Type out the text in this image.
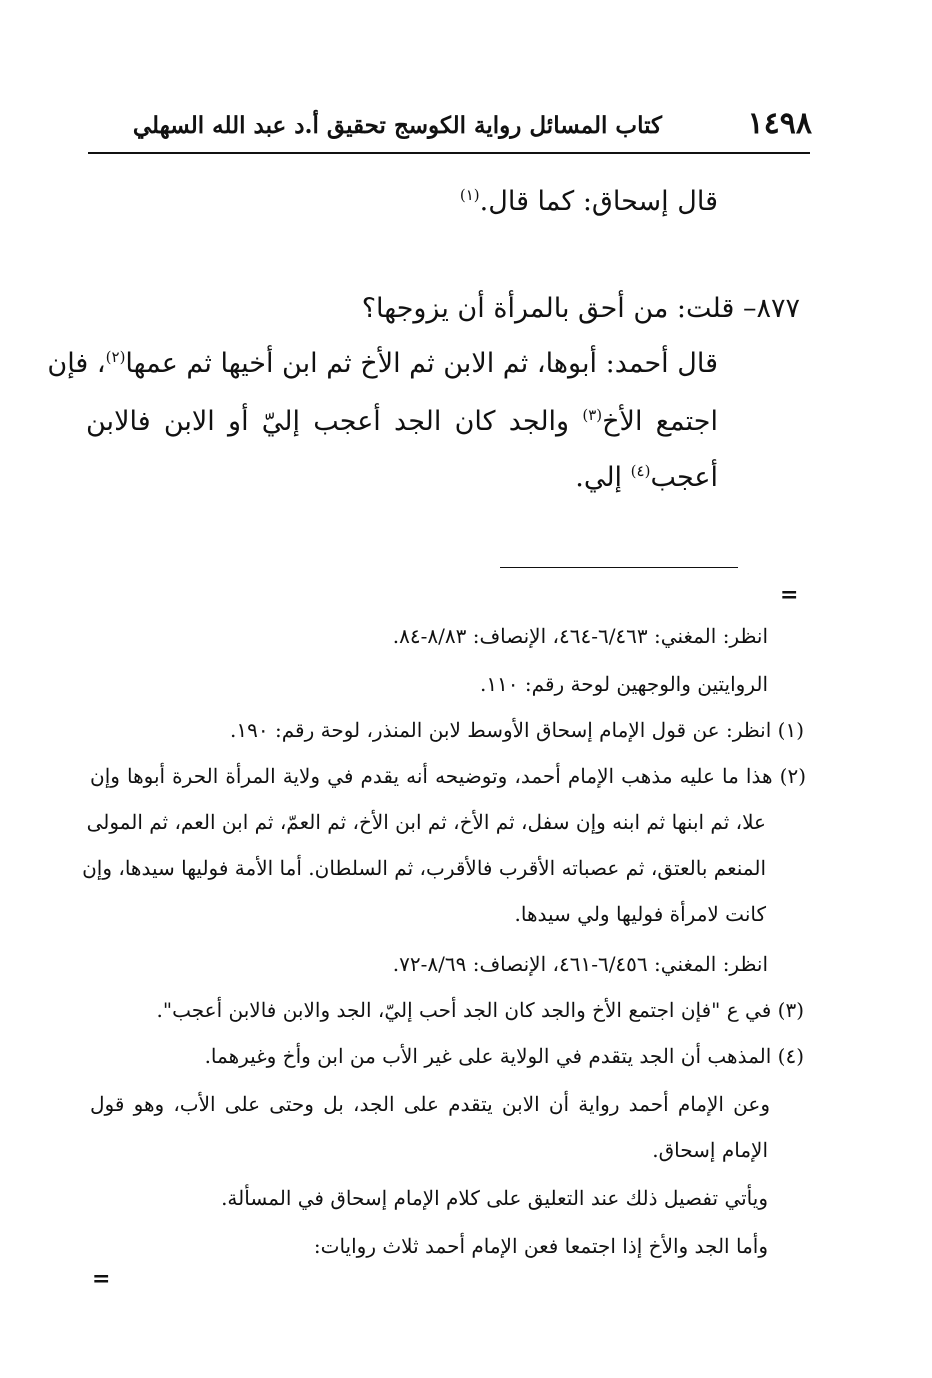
١٤٩٨
كتاب المسائل رواية الكوسج تحقيق أ.د عبد الله السهلي
قال إسحاق: كما قال.$^{(١)}$
٨٧٧– قلت: من أحق بالمرأة أن يزوجها؟
قال أحمد: أبوها، ثم الابن ثم الأخ ثم ابن أخيها ثم عمها$^{(٢)}$، فإن
اجتمع الأخ$^{(٣)}$ والجد كان الجد أعجب إليّ أو الابن فالابن
أعجب$^{(٤)}$ إلي.
=
انظر: المغني: ٦/٤٦٣-٤٦٤، الإنصاف: ٨/٨٣-٨٤.
الروايتين والوجهين لوحة رقم: ١١٠.
(١) انظر: عن قول الإمام إسحاق الأوسط لابن المنذر، لوحة رقم: ١٩٠.
(٢) هذا ما عليه مذهب الإمام أحمد، وتوضيحه أنه يقدم في ولاية المرأة الحرة أبوها وإن
علا، ثم ابنها ثم ابنه وإن سفل، ثم الأخ، ثم ابن الأخ، ثم العمّ، ثم ابن العم، ثم المولى
المنعم بالعتق، ثم عصباته الأقرب فالأقرب، ثم السلطان. أما الأمة فوليها سيدها، وإن
كانت لامرأة فوليها ولي سيدها.
انظر: المغني: ٦/٤٥٦-٤٦١، الإنصاف: ٨/٦٩-٧٢.
(٣) في ع "فإن اجتمع الأخ والجد كان الجد أحب إليّ، الجد والابن فالابن أعجب".
(٤) المذهب أن الجد يتقدم في الولاية على غير الأب من ابن وأخ وغيرهما.
وعن الإمام أحمد رواية أن الابن يتقدم على الجد، بل وحتى على الأب، وهو قول
الإمام إسحاق.
ويأتي تفصيل ذلك عند التعليق على كلام الإمام إسحاق في المسألة.
وأما الجد والأخ إذا اجتمعا فعن الإمام أحمد ثلاث روايات:
=
